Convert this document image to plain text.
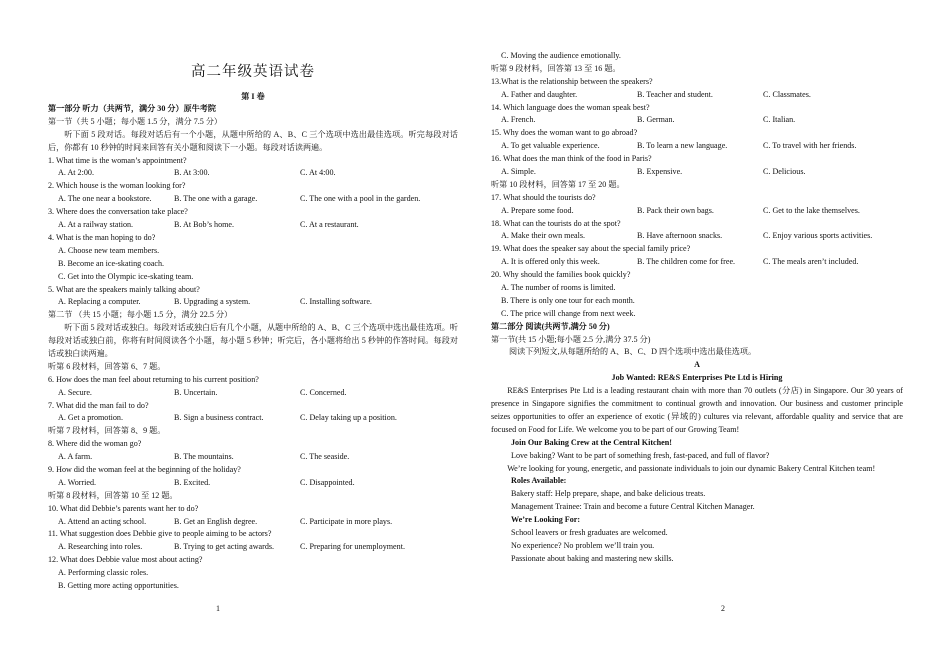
高二年级英语试卷
第 I 卷
第一部分 听力（共两节，满分 30 分）原牛考院
第一节（共 5 小题；每小题 1.5 分，满分 7.5 分）
听下面 5 段对话。每段对话后有一个小题，从题中所给的 A、B、C 三个选项中选出最佳选项。听完每段对话后，你都有 10 秒钟的时间来回答有关小题和阅读下一小题。每段对话读两遍。
1. What time is the woman’s appointment?
A. At 2:00.	B. At 3:00.	C. At 4:00.
2. Which house is the woman looking for?
A. The one near a bookstore.	B. The one with a garage.	C. The one with a pool in the garden.
3. Where does the conversation take place?
A. At a railway station.	B. At Bob’s home.	C. At a restaurant.
4. What is the man hoping to do?
A. Choose new team members.
B. Become an ice-skating coach.
C. Get into the Olympic ice-skating team.
5. What are the speakers mainly talking about?
A. Replacing a computer.	B. Upgrading a system.	C. Installing software.
第二节 （共 15 小题；每小题 1.5 分，满分 22.5 分）
听下面 5 段对话或独白。每段对话或独白后有几个小题，从题中所给的 A、B、C 三个选项中选出最佳选项。听每段对话或独白前，你将有时间阅读各个小题，每小题 5 秒钟；听完后，各小题将给出 5 秒钟的作答时间。每段对话或独白读两遍。
听第 6 段材料，回答第 6、7 题。
6. How does the man feel about returning to his current position?
A. Secure.	B. Uncertain.	C. Concerned.
7. What did the man fail to do?
A. Get a promotion.	B. Sign a business contract.	C. Delay taking up a position.
听第 7 段材料，回答第 8、9 题。
8. Where did the woman go?
A. A farm.	B. The mountains.	C. The seaside.
9. How did the woman feel at the beginning of the holiday?
A. Worried.	B. Excited.	C. Disappointed.
听第 8 段材料，回答第 10 至 12 题。
10. What did Debbie’s parents want her to do?
A. Attend an acting school.	B. Get an English degree.	C. Participate in more plays.
11. What suggestion does Debbie give to people aiming to be actors?
A. Researching into roles.	B. Trying to get acting awards.	C. Preparing for unemployment.
12. What does Debbie value most about acting?
A. Performing classic roles.
B. Getting more acting opportunities.
1
C. Moving the audience emotionally.
听第 9 段材料，回答第 13 至 16 题。
13.What is the relationship between the speakers?
A. Father and daughter.	B. Teacher and student.	C. Classmates.
14. Which language does the woman speak best?
A. French.	B. German.	C. Italian.
15. Why does the woman want to go abroad?
A. To get valuable experience.	B. To learn a new language.	C. To travel with her friends.
16. What does the man think of the food in Paris?
A. Simple.	B. Expensive.	C. Delicious.
听第 10 段材料，回答第 17 至 20 题。
17. What should the tourists do?
A. Prepare some food.	B. Pack their own bags.	C. Get to the lake themselves.
18. What can the tourists do at the spot?
A. Make their own meals.	B. Have afternoon snacks.	C. Enjoy various sports activities.
19. What does the speaker say about the special family price?
A. It is offered only this week.	B. The children come for free.	C. The meals aren’t included.
20. Why should the families book quickly?
A. The number of rooms is limited.
B. There is only one tour for each month.
C. The price will change from next week.
第二部分 阅读(共两节,满分 50 分)
第一节(共 15 小题;每小题 2.5 分,满分 37.5 分)
阅读下列短文,从每题所给的 A、B、C、D 四个选项中选出最佳选项。
A
Job Wanted: RE&S Enterprises Pte Ltd is Hiring
RE&S Enterprises Pte Ltd is a leading restaurant chain with more than 70 outlets (分店) in Singapore. Our 30 years of presence in Singapore signifies the commitment to continual growth and innovation. Our business and customer principle seizes opportunities to offer an experience of exotic (异域的) cultures via relevant, affordable quality and service that are focused on Food for Life. We welcome you to be part of our Growing Team!
Join Our Baking Crew at the Central Kitchen!
Love baking? Want to be part of something fresh, fast-paced, and full of flavor?
We’re looking for young, energetic, and passionate individuals to join our dynamic Bakery Central Kitchen team!
Roles Available:
Bakery staff: Help prepare, shape, and bake delicious treats.
Management Trainee: Train and become a future Central Kitchen Manager.
We’re Looking For:
School leavers or fresh graduates are welcomed.
No experience? No problem we’ll train you.
Passionate about baking and mastering new skills.
2
